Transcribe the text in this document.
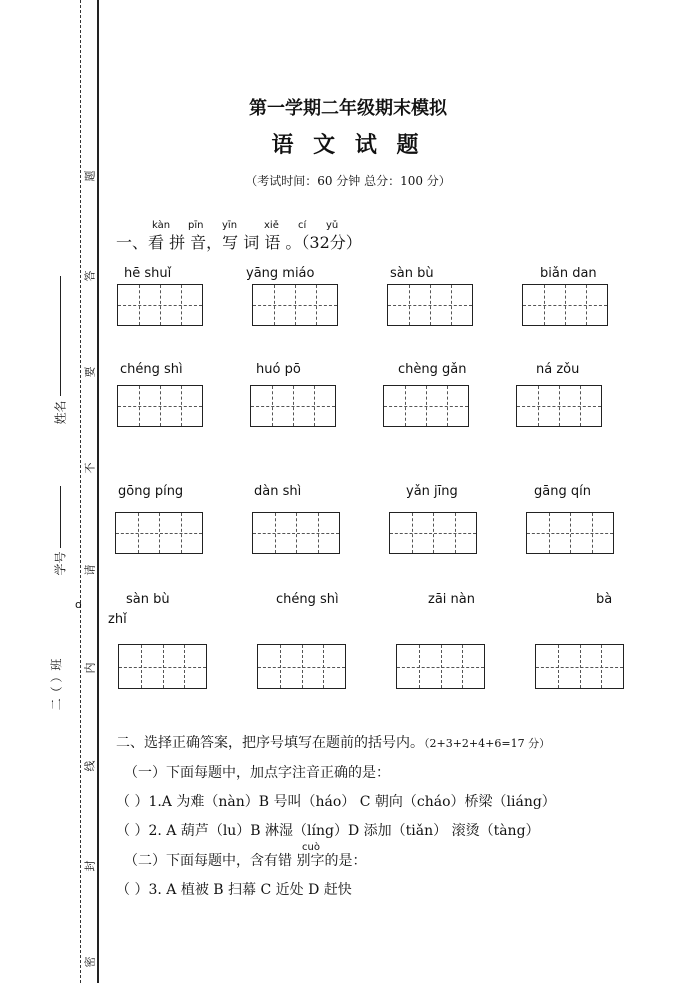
题
答
要
不
请
内
线
封
密
姓名
学号
二（ ）班
o
第一学期二年级期末模拟
语 文 试 题
（考试时间：60 分钟 总分：100 分）
kàn pīn yīn	xiě cí yǔ
一、看 拼 音，写 词 语 。（32分）
hē shuǐ	yāng miáo	sàn bù	biǎn dan
chéng shì	huó pō	chèng gǎn	ná zǒu
gōng píng	dàn shì	yǎn jīng	gāng qín
sàn bù	chéng shì	zāi nàn	bà
zhǐ
二、选择正确答案，把序号填写在题前的括号内。（2+3+2+4+6=17 分）
（一）下面每题中，加点字注音正确的是：
（ ）1.A 为难（nàn）B 号叫（háo） C 朝向（cháo）桥梁（liáng）
（ ）2. A 葫芦（lu）B 淋湿（líng）D 添加（tiǎn） 滚烫（tàng）
cuò
（二）下面每题中，含有错 别字的是：
（ ）3. A 植被 B 扫幕 C 近处 D 赶快
